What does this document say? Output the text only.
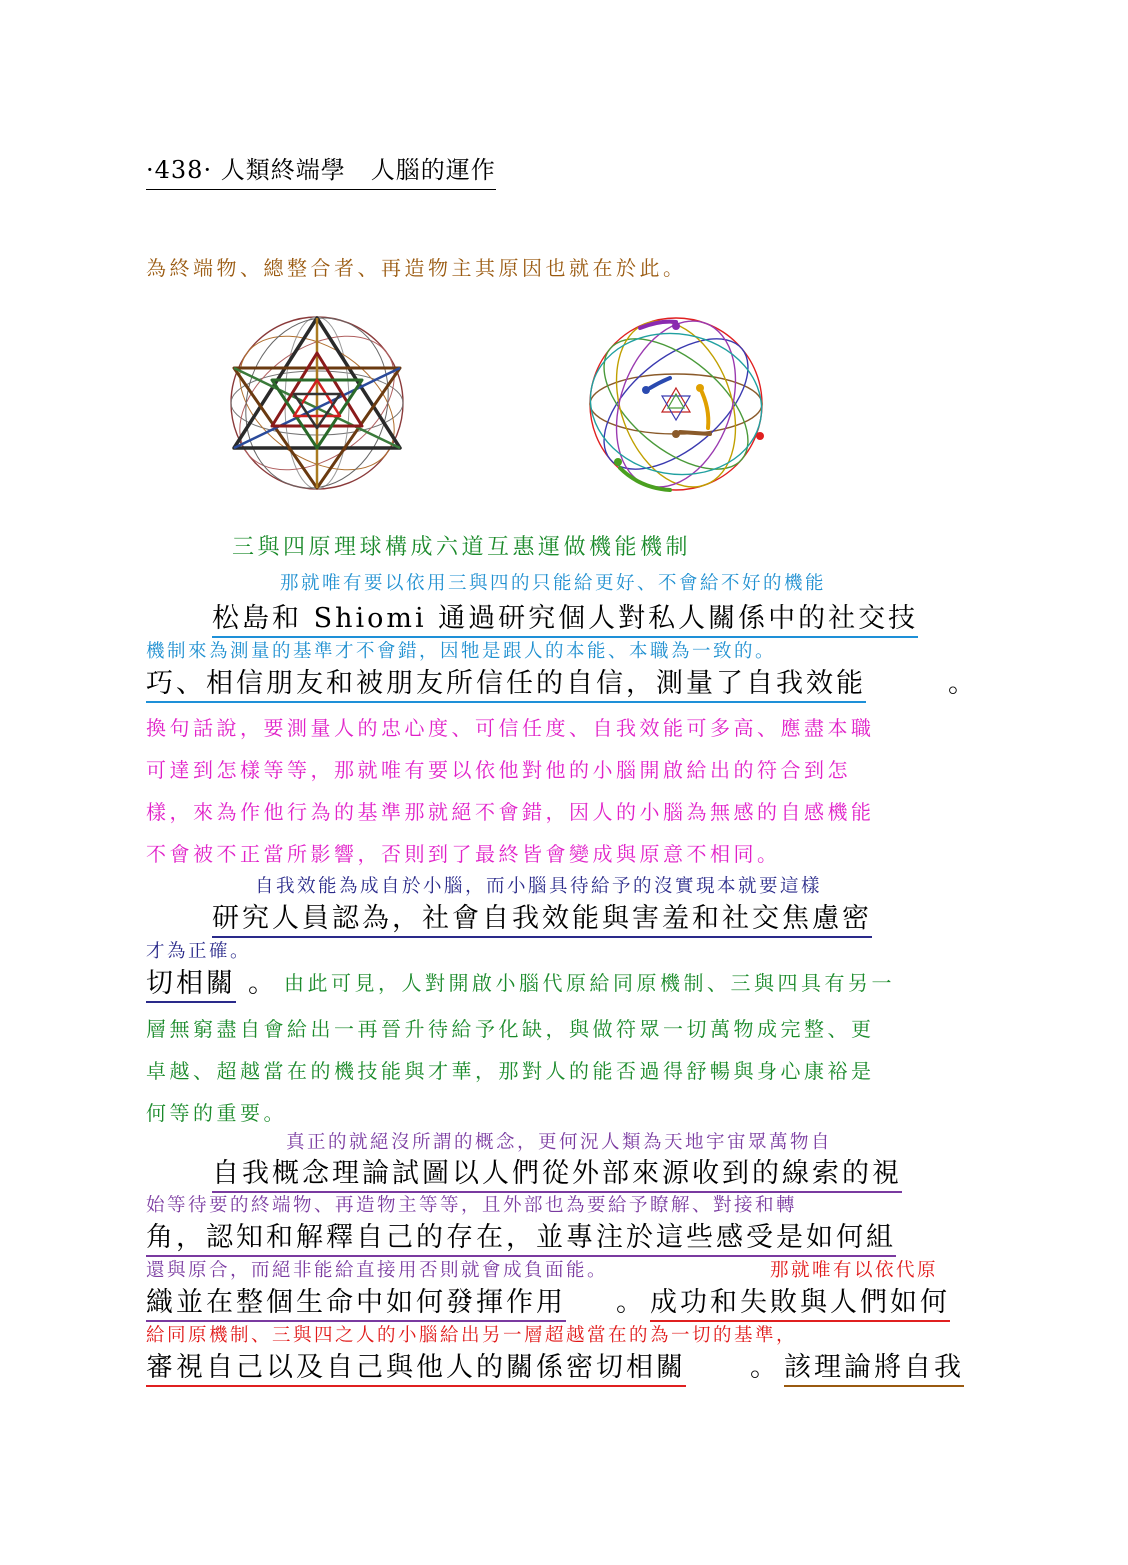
·438· 人類終端學　人腦的運作
為終端物、總整合者、再造物主其原因也就在於此。
三與四原理球構成六道互惠運做機能機制
那就唯有要以依用三與四的只能給更好、不會給不好的機能
松島和 Shiomi 通過研究個人對私人關係中的社交技
機制來為測量的基準才不會錯，因牠是跟人的本能、本職為一致的。
巧、相信朋友和被朋友所信任的自信，測量了自我效能	。
換句話說，要測量人的忠心度、可信任度、自我效能可多高、應盡本職
可達到怎樣等等，那就唯有要以依他對他的小腦開啟給出的符合到怎
樣，來為作他行為的基準那就絕不會錯，因人的小腦為無感的自感機能
不會被不正當所影響，否則到了最終皆會變成與原意不相同。
自我效能為成自於小腦，而小腦具待給予的沒實現本就要這樣
研究人員認為，社會自我效能與害羞和社交焦慮密
才為正確。
切相關 。 由此可見，人對開啟小腦代原給同原機制、三與四具有另一
層無窮盡自會給出一再晉升待給予化缺，與做符眾一切萬物成完整、更
卓越、超越當在的機技能與才華，那對人的能否過得舒暢與身心康裕是
何等的重要。
真正的就絕沒所謂的概念，更何況人類為天地宇宙眾萬物自
自我概念理論試圖以人們從外部來源收到的線索的視
始等待要的終端物、再造物主等等，且外部也為要給予瞭解、對接和轉
角，認知和解釋自己的存在，並專注於這些感受是如何組
還與原合，而絕非能給直接用否則就會成負面能。	那就唯有以依代原
織並在整個生命中如何發揮作用 。 成功和失敗與人們如何
給同原機制、三與四之人的小腦給出另一層超越當在的為一切的基準，
審視自己以及自己與他人的關係密切相關 。 該理論將自我
